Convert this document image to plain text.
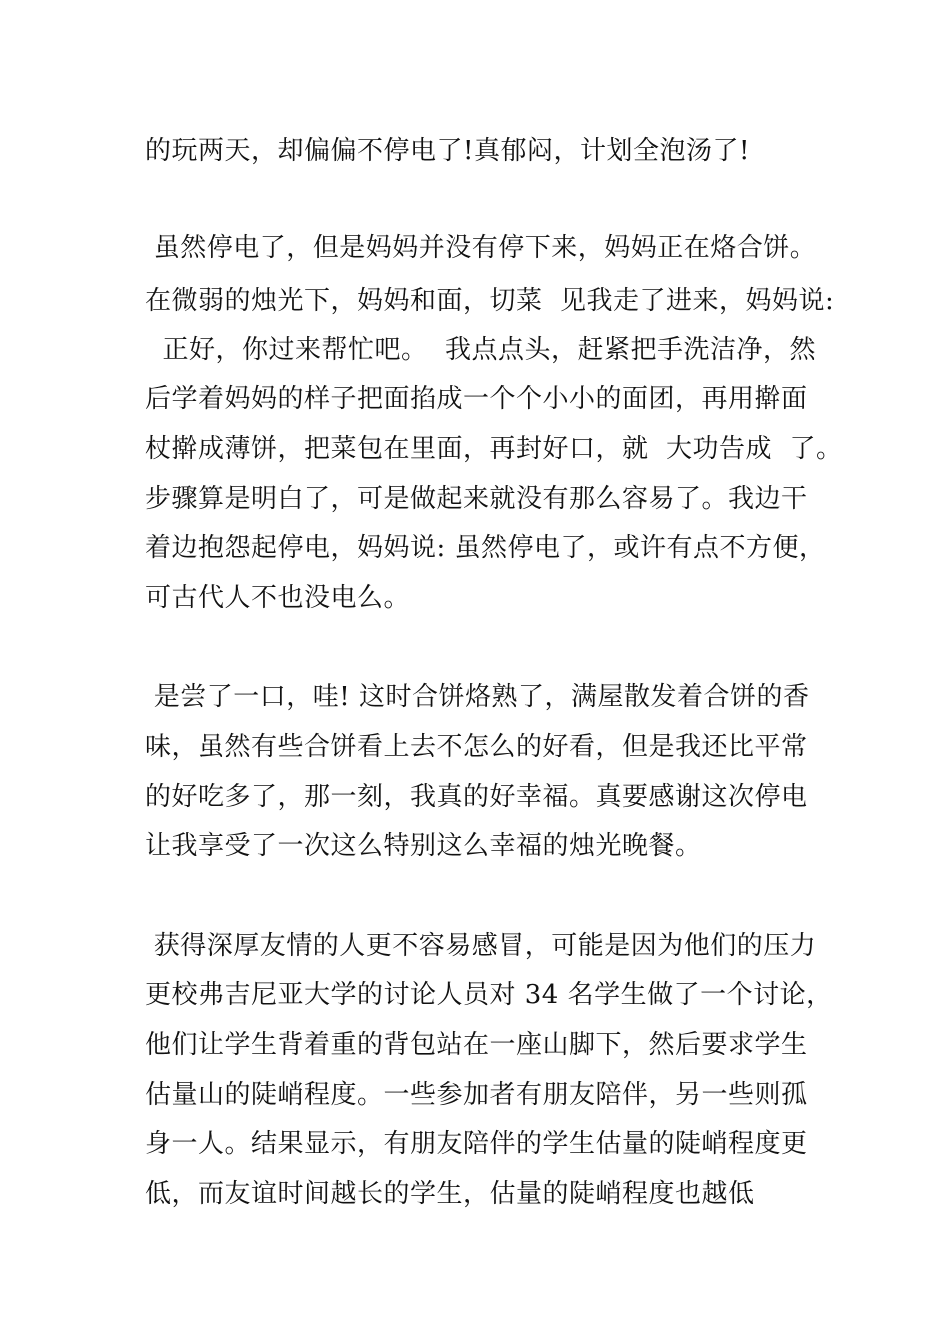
的玩两天，却偏偏不停电了!真郁闷，计划全泡汤了!
虽然停电了，但是妈妈并没有停下来，妈妈正在烙合饼。
在微弱的烛光下，妈妈和面，切菜  见我走了进来，妈妈说:
正好，你过来帮忙吧。  我点点头，赶紧把手洗洁净，然
后学着妈妈的样子把面掐成一个个小小的面团，再用擀面
杖擀成薄饼，把菜包在里面，再封好口，就  大功告成  了。
步骤算是明白了，可是做起来就没有那么容易了。我边干
着边抱怨起停电，妈妈说: 虽然停电了，或许有点不方便，
可古代人不也没电么。
是尝了一口，哇! 这时合饼烙熟了，满屋散发着合饼的香
味，虽然有些合饼看上去不怎么的好看，但是我还比平常
的好吃多了，那一刻，我真的好幸福。真要感谢这次停电
让我享受了一次这么特别这么幸福的烛光晚餐。
获得深厚友情的人更不容易感冒，可能是因为他们的压力
更校弗吉尼亚大学的讨论人员对 34 名学生做了一个讨论，
他们让学生背着重的背包站在一座山脚下，然后要求学生
估量山的陡峭程度。一些参加者有朋友陪伴，另一些则孤
身一人。结果显示，有朋友陪伴的学生估量的陡峭程度更
低，而友谊时间越长的学生，估量的陡峭程度也越低
